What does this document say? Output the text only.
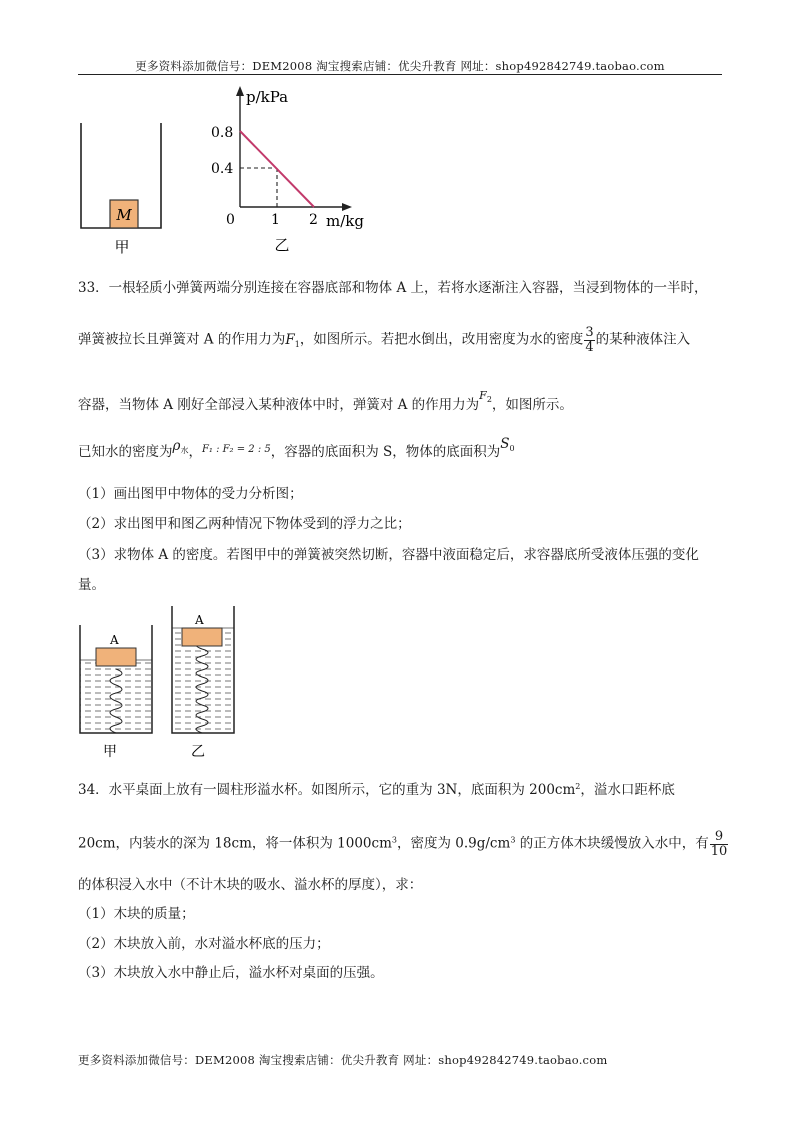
更多资料添加微信号：DEM2008 淘宝搜索店铺：优尖升教育 网址：shop492842749.taobao.com
M
甲
p/kPa
m/kg
0.8
0.4
0	1 2
乙
33．一根轻质小弹簧两端分别连接在容器底部和物体 A 上，若将水逐渐注入容器，当浸到物体的一半时，
弹簧被拉长且弹簧对 A 的作用力为$F_1$，如图所示。若把水倒出，改用密度为水的密度 $\frac{3}{4}$ 的某种液体注入
容器，当物体 A 刚好全部浸入某种液体中时，弹簧对 A 的作用力为$^{F_2}$，如图所示。
已知水的密度为$\rho_水$，$^{F_1 : F_2 = 2 : 5}$，容器的底面积为 S，物体的底面积为$S_0$
（1）画出图甲中物体的受力分析图；
（2）求出图甲和图乙两种情况下物体受到的浮力之比；
（3）求物体 A 的密度。若图甲中的弹簧被突然切断，容器中液面稳定后，求容器底所受液体压强的变化
量。
A
甲
A
乙
34．水平桌面上放有一圆柱形溢水杯。如图所示，它的重为 3N，底面积为 $200cm^2$，溢水口距杯底
20cm，内装水的深为 18cm，将一体积为 $1000cm^3$，密度为 $0.9g/cm^3$ 的正方体木块缓慢放入水中，有 $\frac{9}{10}$
的体积浸入水中（不计木块的吸水、溢水杯的厚度），求：
（1）木块的质量；
（2）木块放入前，水对溢水杯底的压力；
（3）木块放入水中静止后，溢水杯对桌面的压强。
更多资料添加微信号：DEM2008 淘宝搜索店铺：优尖升教育 网址：shop492842749.taobao.com
